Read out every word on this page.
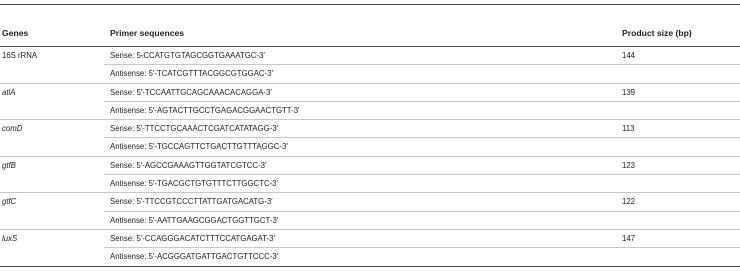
Genes	Primer sequences	Product size (bp)
16S rRNA	Sense: 5-CCATGTGTAGCGGTGAAATGC-3′	144
Antisense: 5′-TCATCGTTTACGGCGTGGAC-3′
atlA	Sense: 5′-TCCAATTGCAGCAAACACAGGA-3′	139
Antisense: 5′-AGTACTTGCCTGAGACGGAACTGTT-3′
comD	Sense: 5′-TTCCTGCAAACTCGATCATATAGG-3′	113
Antisense: 5′-TGCCAGTTCTGACTTGTTTAGGC-3′
gtfB	Sense: 5′-AGCCGAAAGTTGGTATCGTCC-3′	123
Antisense: 5′-TGACGCTGTGTTTCTTGGCTC-3′
gtfC	Sense: 5′-TTCCGTCCCTTATTGATGACATG-3′	122
Antisense: 5′-AATTGAAGCGGACTGGTTGCT-3′
luxS	Sense: 5′-CCAGGGACATCTTTCCATGAGAT-3′	147
Antisense: 5′-ACGGGATGATTGACTGTTCCC-3′
